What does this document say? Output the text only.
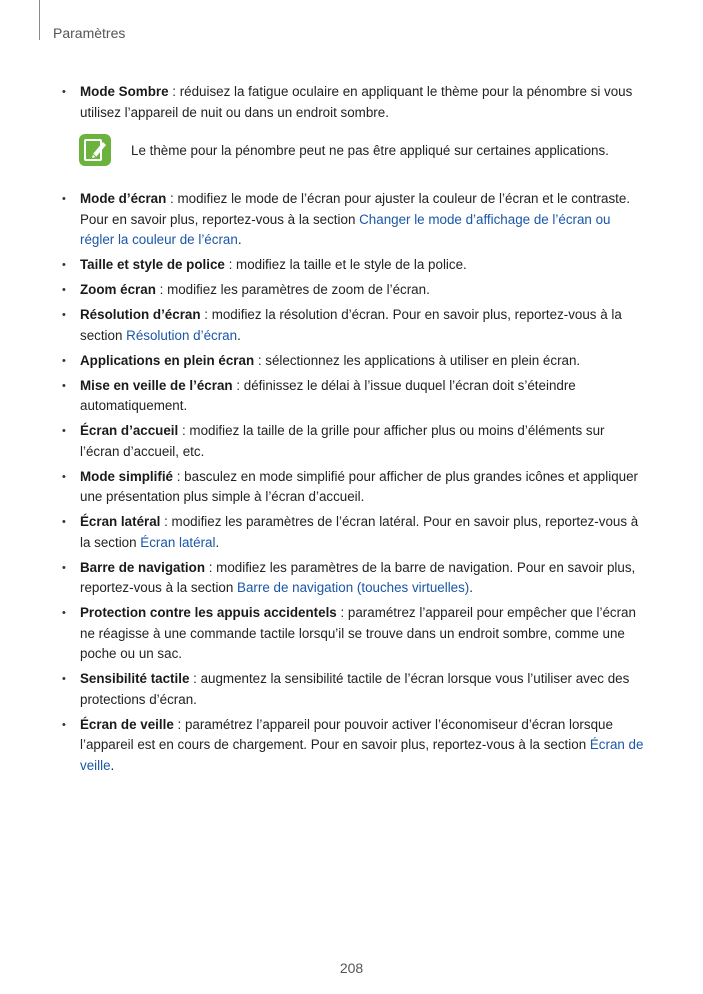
Paramètres
• Mode Sombre : réduisez la fatigue oculaire en appliquant le thème pour la pénombre si vous utilisez l’appareil de nuit ou dans un endroit sombre.
Le thème pour la pénombre peut ne pas être appliqué sur certaines applications.
• Mode d’écran : modifiez le mode de l’écran pour ajuster la couleur de l’écran et le contraste. Pour en savoir plus, reportez-vous à la section Changer le mode d’affichage de l’écran ou régler la couleur de l’écran.
• Taille et style de police : modifiez la taille et le style de la police.
• Zoom écran : modifiez les paramètres de zoom de l’écran.
• Résolution d’écran : modifiez la résolution d’écran. Pour en savoir plus, reportez-vous à la section Résolution d’écran.
• Applications en plein écran : sélectionnez les applications à utiliser en plein écran.
• Mise en veille de l’écran : définissez le délai à l’issue duquel l’écran doit s’éteindre automatiquement.
• Écran d’accueil : modifiez la taille de la grille pour afficher plus ou moins d’éléments sur l’écran d’accueil, etc.
• Mode simplifié : basculez en mode simplifié pour afficher de plus grandes icônes et appliquer une présentation plus simple à l’écran d’accueil.
• Écran latéral : modifiez les paramètres de l’écran latéral. Pour en savoir plus, reportez-vous à la section Écran latéral.
• Barre de navigation : modifiez les paramètres de la barre de navigation. Pour en savoir plus, reportez-vous à la section Barre de navigation (touches virtuelles).
• Protection contre les appuis accidentels : paramétrez l’appareil pour empêcher que l’écran ne réagisse à une commande tactile lorsqu’il se trouve dans un endroit sombre, comme une poche ou un sac.
• Sensibilité tactile : augmentez la sensibilité tactile de l’écran lorsque vous l’utiliser avec des protections d’écran.
• Écran de veille : paramétrez l’appareil pour pouvoir activer l’économiseur d’écran lorsque l’appareil est en cours de chargement. Pour en savoir plus, reportez-vous à la section Écran de veille.
208
